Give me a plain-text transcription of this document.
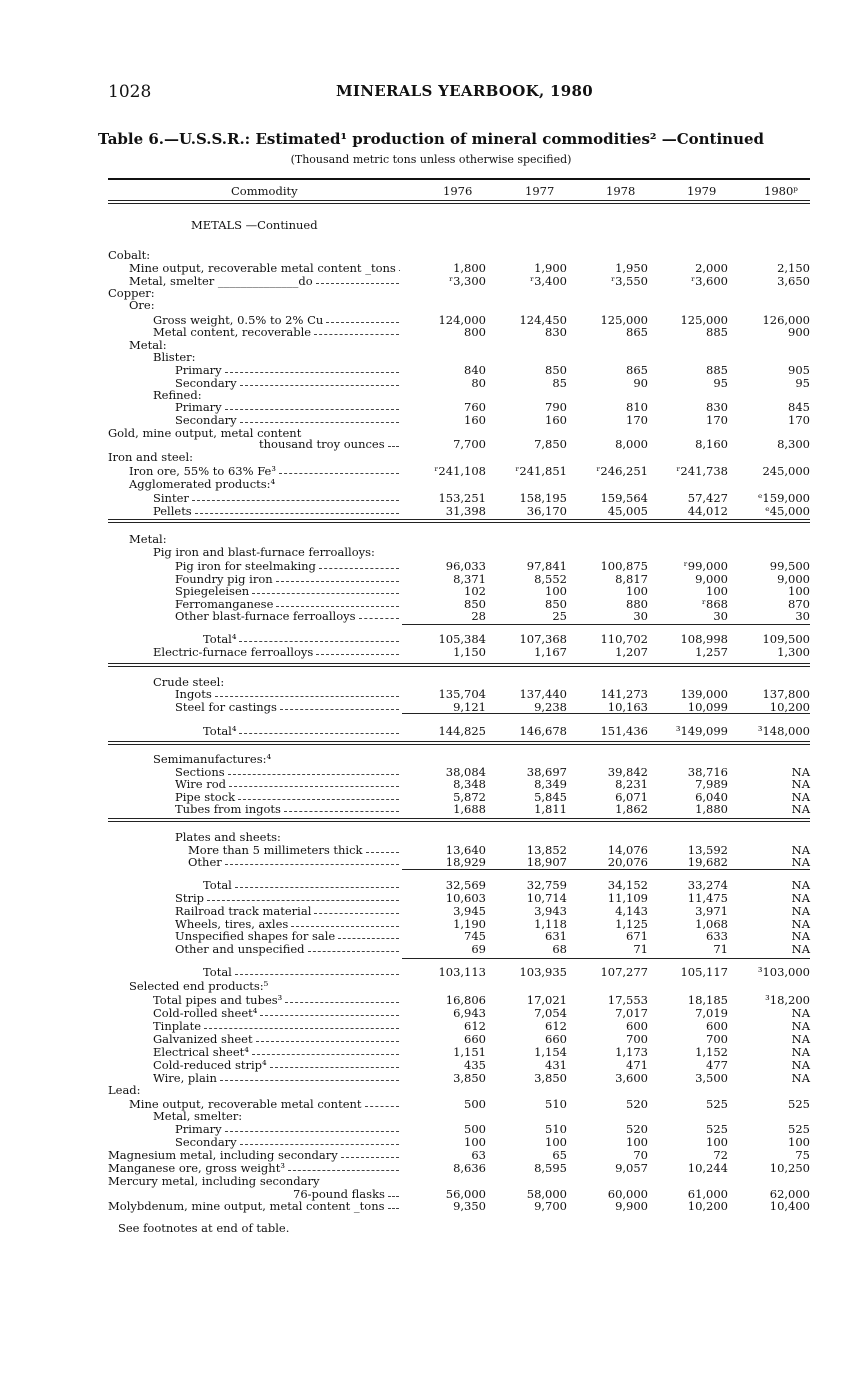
1028	MINERALS YEARBOOK, 1980
Table 6.—U.S.S.R.: Estimated¹ production of mineral commodities² —Continued
(Thousand metric tons unless otherwise specified)
Commodity	1976	1977	1978	1979	1980ᵖ
METALS —Continued
Cobalt:
Mine output, recoverable metal content _tons	1,800	1,900	1,950	2,000	2,150
Metal, smelter ______________do	ʳ3,300	ʳ3,400	ʳ3,550	ʳ3,600	3,650
Copper:
Ore:
Gross weight, 0.5% to 2% Cu	124,000	124,450	125,000	125,000	126,000
Metal content, recoverable	800	830	865	885	900
Metal:
Blister:
Primary	840	850	865	885	905
Secondary	80	85	90	95	95
Refined:
Primary	760	790	810	830	845
Secondary	160	160	170	170	170
Gold, mine output, metal content
thousand troy ounces	7,700	7,850	8,000	8,160	8,300
Iron and steel:
Iron ore, 55% to 63% Fe³	ʳ241,108	ʳ241,851	ʳ246,251 ʳ241,738	245,000
Agglomerated products:⁴
Sinter	153,251	158,195	159,564	57,427	ᵉ159,000
Pellets	31,398	36,170	45,005	44,012	ᵉ45,000
Metal:
Pig iron and blast-furnace ferroalloys:
Pig iron for steelmaking	96,033	97,841	100,875	ʳ99,000	99,500
Foundry pig iron	8,371	8,552	8,817	9,000	9,000
Spiegeleisen	102	100	100	100	100
Ferromanganese	850	850	880	ʳ868	870
Other blast-furnace ferroalloys	28	25	30	30	30
Total⁴	105,384	107,368	110,702	108,998	109,500
Electric-furnace ferroalloys	1,150	1,167	1,207	1,257	1,300
Crude steel:
Ingots	135,704	137,440	141,273	139,000	137,800
Steel for castings	9,121	9,238	10,163	10,099	10,200
Total⁴	144,825	146,678	151,436 ³149,099	³148,000
Semimanufactures:⁴
Sections	38,084	38,697	39,842	38,716	NA
Wire rod	8,348	8,349	8,231	7,989	NA
Pipe stock	5,872	5,845	6,071	6,040	NA
Tubes from ingots	1,688	1,811	1,862	1,880	NA
Plates and sheets:
More than 5 millimeters thick	13,640	13,852	14,076	13,592	NA
Other	18,929	18,907	20,076	19,682	NA
Total	32,569	32,759	34,152	33,274	NA
Strip	10,603	10,714	11,109	11,475	NA
Railroad track material	3,945	3,943	4,143	3,971	NA
Wheels, tires, axles	1,190	1,118	1,125	1,068	NA
Unspecified shapes for sale	745	631	671	633	NA
Other and unspecified	69	68	71	71	NA
Total	103,113	103,935	107,277	105,117	³103,000
Selected end products:⁵
Total pipes and tubes³	16,806	17,021	17,553	18,185	³18,200
Cold-rolled sheet⁴	6,943	7,054	7,017	7,019	NA
Tinplate	612	612	600	600	NA
Galvanized sheet	660	660	700	700	NA
Electrical sheet⁴	1,151	1,154	1,173	1,152	NA
Cold-reduced strip⁴	435	431	471	477	NA
Wire, plain	3,850	3,850	3,600	3,500	NA
Lead:
Mine output, recoverable metal content	500	510	520	525	525
Metal, smelter:
Primary	500	510	520	525	525
Secondary	100	100	100	100	100
Magnesium metal, including secondary	63	65	70	72	75
Manganese ore, gross weight³	8,636	8,595	9,057	10,244	10,250
Mercury metal, including secondary
76-pound flasks	56,000	58,000	60,000	61,000	62,000
Molybdenum, mine output, metal content _tons	9,350	9,700	9,900	10,200	10,400
See footnotes at end of table.
